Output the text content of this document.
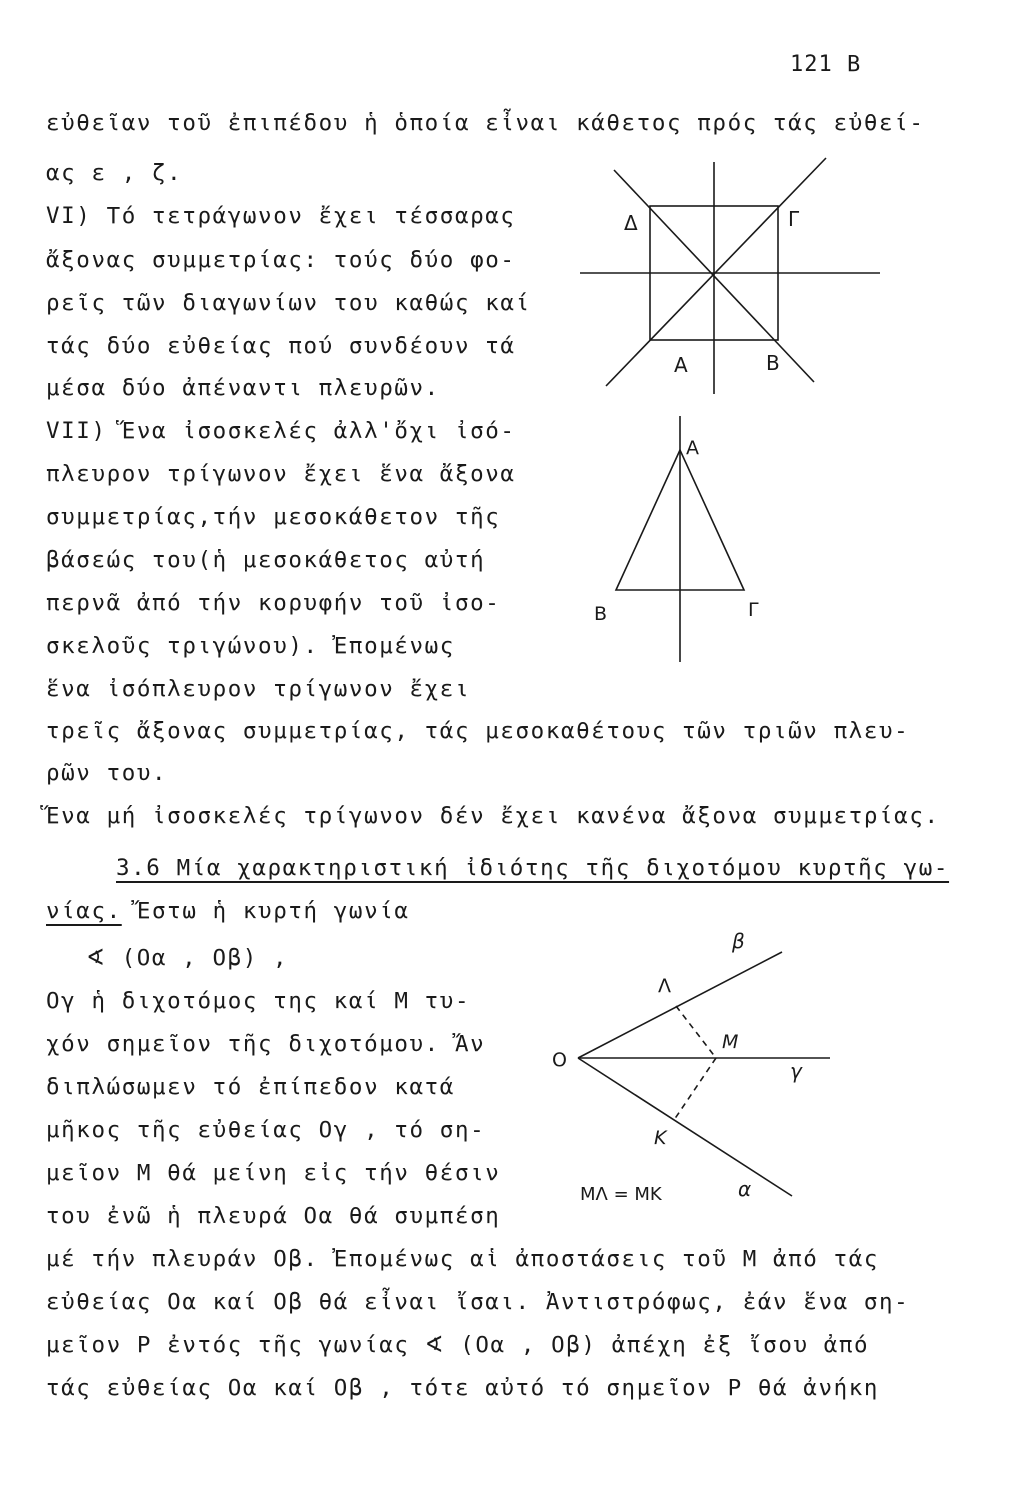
121 Β
εὐθεῖαν τοῦ ἐπιπέδου ἡ ὁποία εἶναι κάθετος πρός τάς εὐθεί-
ας ε , ζ.
VI) Τό τετράγωνον ἔχει τέσσαρας
ἄξονας συμμετρίας: τούς δύο φο-
ρεῖς τῶν διαγωνίων του καθώς καί
τάς δύο εὐθείας πού συνδέουν τά
μέσα δύο ἀπέναντι πλευρῶν.
VII) Ἕνα ἰσοσκελές ἀλλ'ὄχι ἰσό-
πλευρον τρίγωνον ἔχει ἕνα ἄξονα
συμμετρίας,τήν μεσοκάθετον τῆς
βάσεώς του(ἡ μεσοκάθετος αὐτή
περνᾶ ἀπό τήν κορυφήν τοῦ ἰσο-
σκελοῦς τριγώνου). Ἐπομένως
ἕνα ἰσόπλευρον τρίγωνον ἔχει
τρεῖς ἄξονας συμμετρίας, τάς μεσοκαθέτους τῶν τριῶν πλευ-
ρῶν του.
Ἕνα μή ἰσοσκελές τρίγωνον δέν ἔχει κανένα ἄξονα συμμετρίας.
3.6 Μία χαρακτηριστική ἰδιότης τῆς διχοτόμου κυρτῆς γω-
νίας. Ἔστω ἡ κυρτή γωνία
∢ (Οα , Οβ) ,
Ογ ἡ διχοτόμος της καί Μ τυ-
χόν σημεῖον τῆς διχοτόμου. Ἄν
διπλώσωμεν τό ἐπίπεδον κατά
μῆκος τῆς εὐθείας Ογ , τό ση-
μεῖον Μ θά μείνη εἰς τήν θέσιν
του ἐνῶ ἡ πλευρά Οα θά συμπέση
μέ τήν πλευράν Οβ. Ἐπομένως αἱ ἀποστάσεις τοῦ Μ ἀπό τάς
εὐθείας Οα καί Οβ θά εἶναι ἴσαι. Ἀντιστρόφως, ἐάν ἕνα ση-
μεῖον Ρ ἐντός τῆς γωνίας ∢ (Οα , Οβ) ἀπέχη ἐξ ἴσου ἀπό
τάς εὐθείας Οα καί Οβ , τότε αὐτό τό σημεῖον Ρ θά ἀνήκη
Δ	Γ
Α	Β
Α
Β	Γ
β
Λ
Μ
γ
Ο
Κ
α
ΜΛ = ΜΚ
